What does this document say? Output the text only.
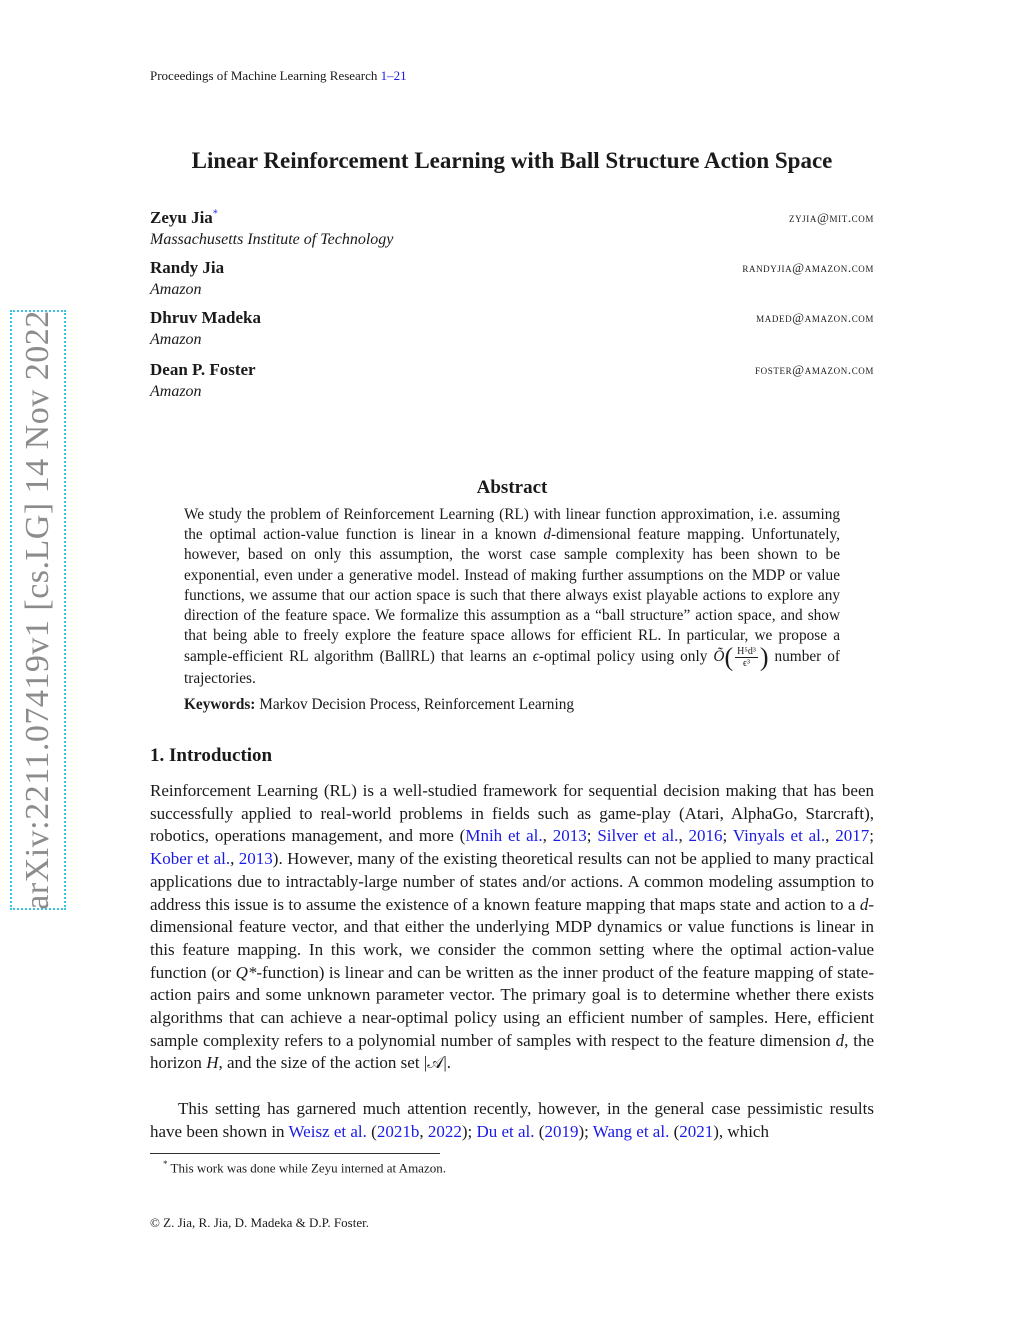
Proceedings of Machine Learning Research 1–21
arXiv:2211.07419v1 [cs.LG] 14 Nov 2022
Linear Reinforcement Learning with Ball Structure Action Space
Zeyu Jia*	zyjia@mit.com
Massachusetts Institute of Technology
Randy Jia	randyjia@amazon.com
Amazon
Dhruv Madeka	maded@amazon.com
Amazon
Dean P. Foster	foster@amazon.com
Amazon
Abstract
We study the problem of Reinforcement Learning (RL) with linear function approximation, i.e. assuming the optimal action-value function is linear in a known d-dimensional feature mapping. Unfortunately, however, based on only this assumption, the worst case sample complexity has been shown to be exponential, even under a generative model. Instead of making further assumptions on the MDP or value functions, we assume that our action space is such that there always exist playable actions to explore any direction of the feature space. We formalize this assumption as a “ball structure” action space, and show that being able to freely explore the feature space allows for efficient RL. In particular, we propose a sample-efficient RL algorithm (BallRL) that learns an ϵ-optimal policy using only Õ( $\frac{\text{H⁵d³}}{\text{ϵ³}}$ ) number of trajectories.
Keywords: Markov Decision Process, Reinforcement Learning
1. Introduction
Reinforcement Learning (RL) is a well-studied framework for sequential decision making that has been successfully applied to real-world problems in fields such as game-play (Atari, AlphaGo, Starcraft), robotics, operations management, and more (Mnih et al., 2013; Silver et al., 2016; Vinyals et al., 2017; Kober et al., 2013). However, many of the existing theoretical results can not be applied to many practical applications due to intractably-large number of states and/or actions. A common modeling assumption to address this issue is to assume the existence of a known feature mapping that maps state and action to a d-dimensional feature vector, and that either the underlying MDP dynamics or value functions is linear in this feature mapping. In this work, we consider the common setting where the optimal action-value function (or Q*-function) is linear and can be written as the inner product of the feature mapping of state-action pairs and some unknown parameter vector. The primary goal is to determine whether there exists algorithms that can achieve a near-optimal policy using an efficient number of samples. Here, efficient sample complexity refers to a polynomial number of samples with respect to the feature dimension d, the horizon H, and the size of the action set |𝒜|.
This setting has garnered much attention recently, however, in the general case pessimistic results have been shown in Weisz et al. (2021b, 2022); Du et al. (2019); Wang et al. (2021), which
* This work was done while Zeyu interned at Amazon.
© Z. Jia, R. Jia, D. Madeka & D.P. Foster.
